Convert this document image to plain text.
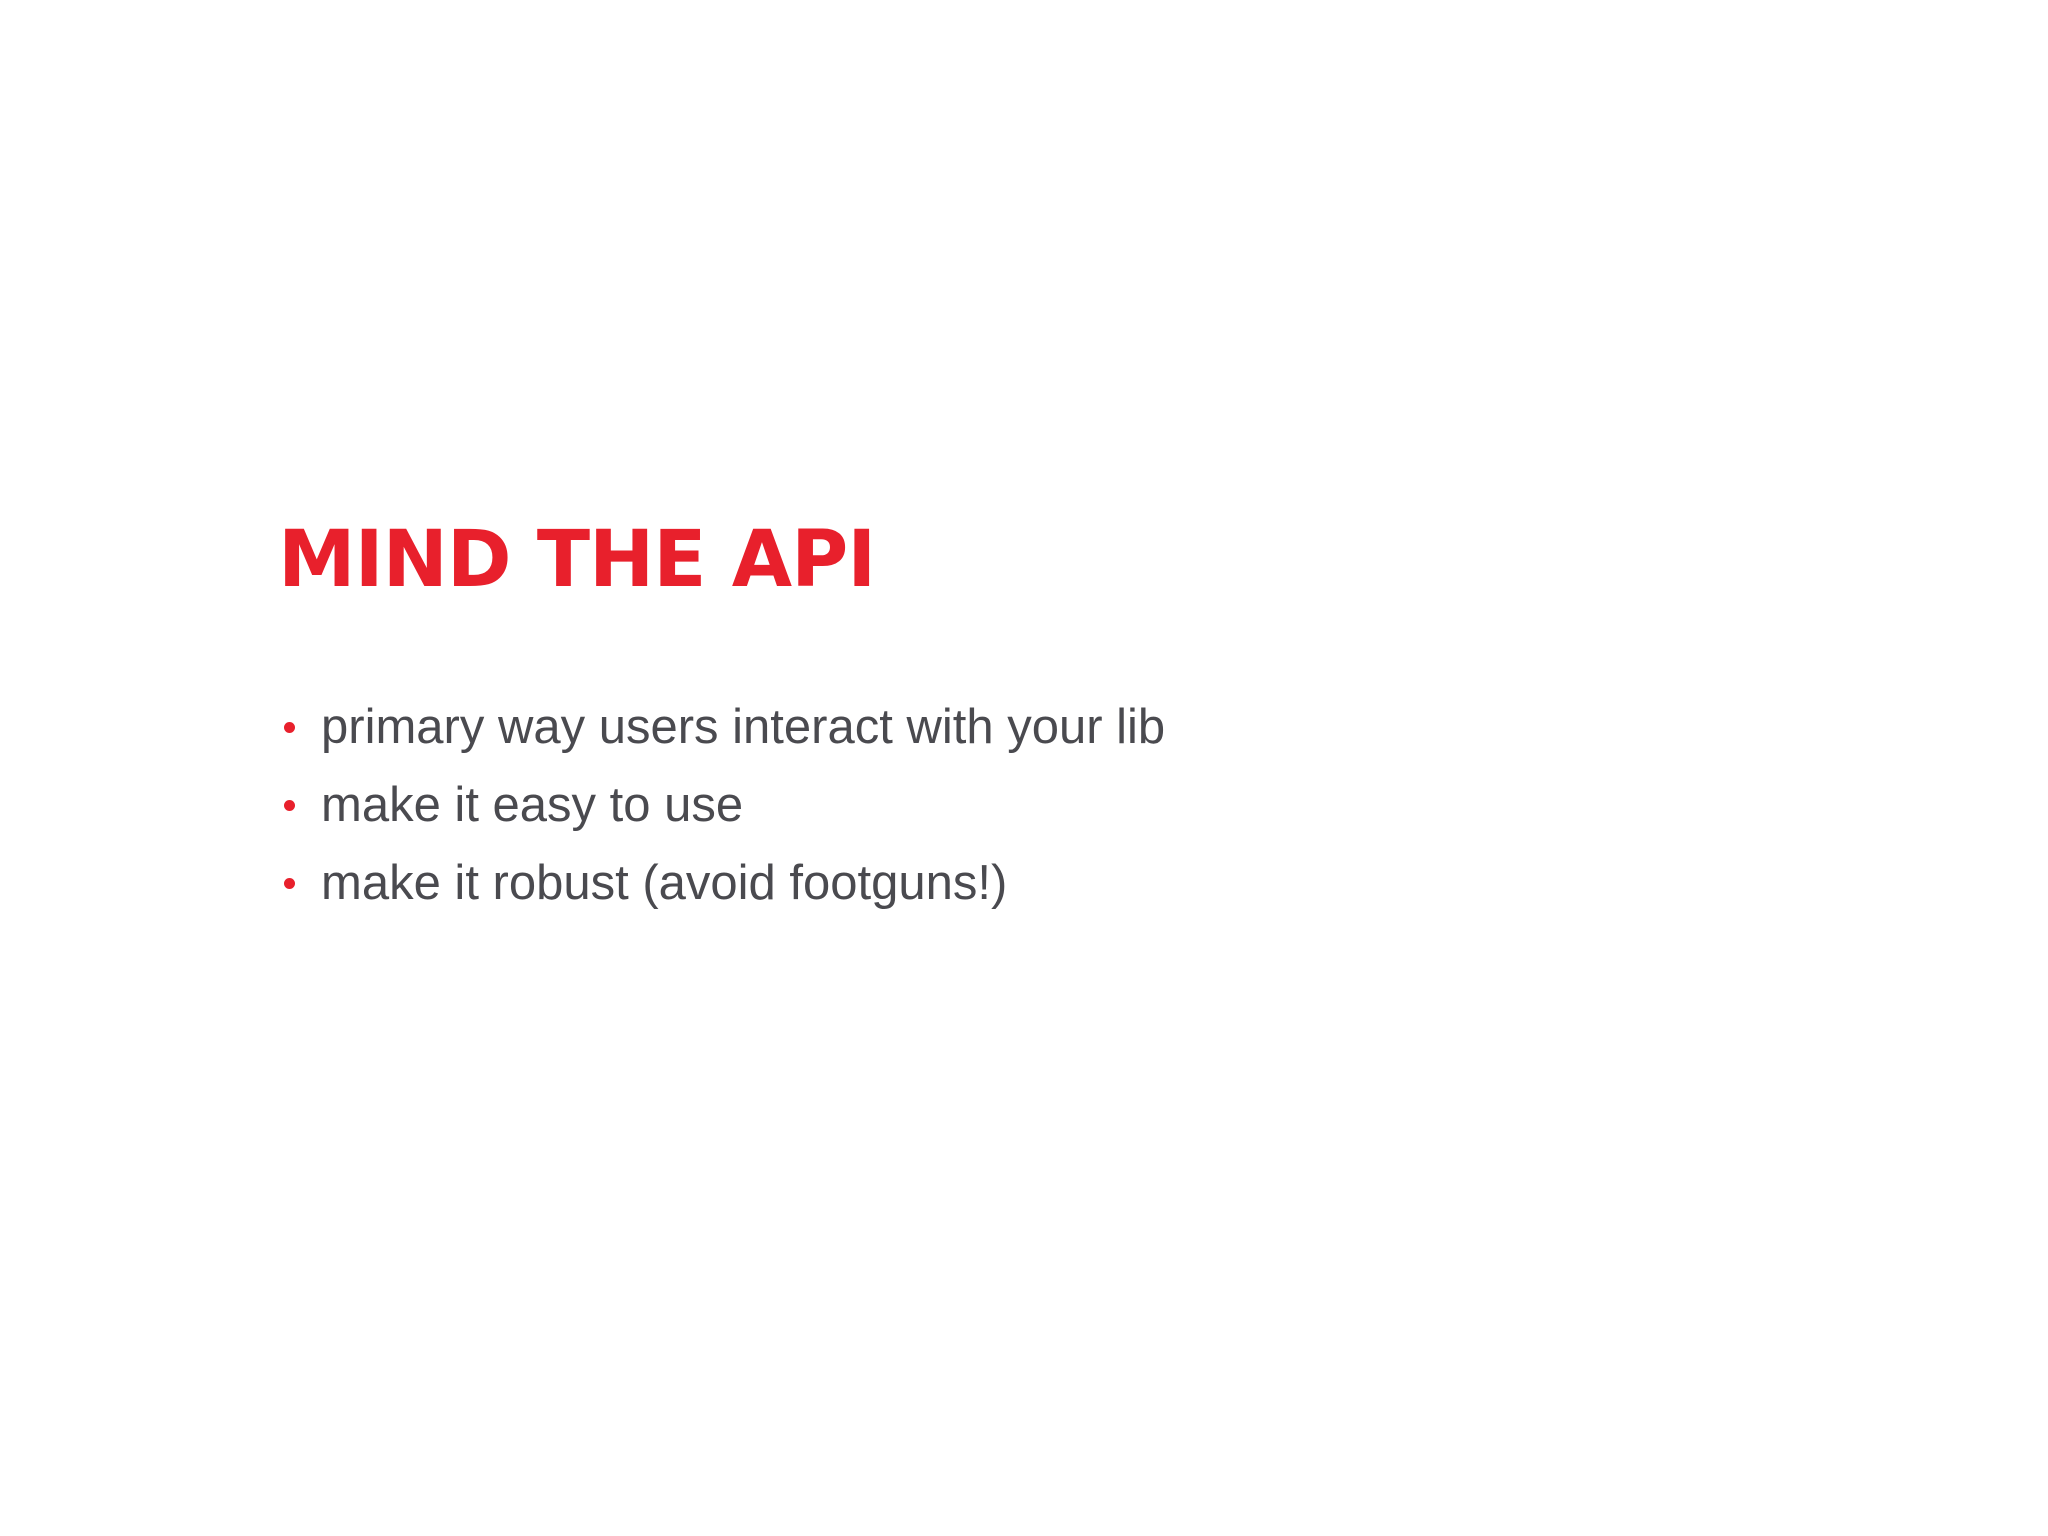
MIND THE API
primary way users interact with your lib
make it easy to use
make it robust (avoid footguns!)
